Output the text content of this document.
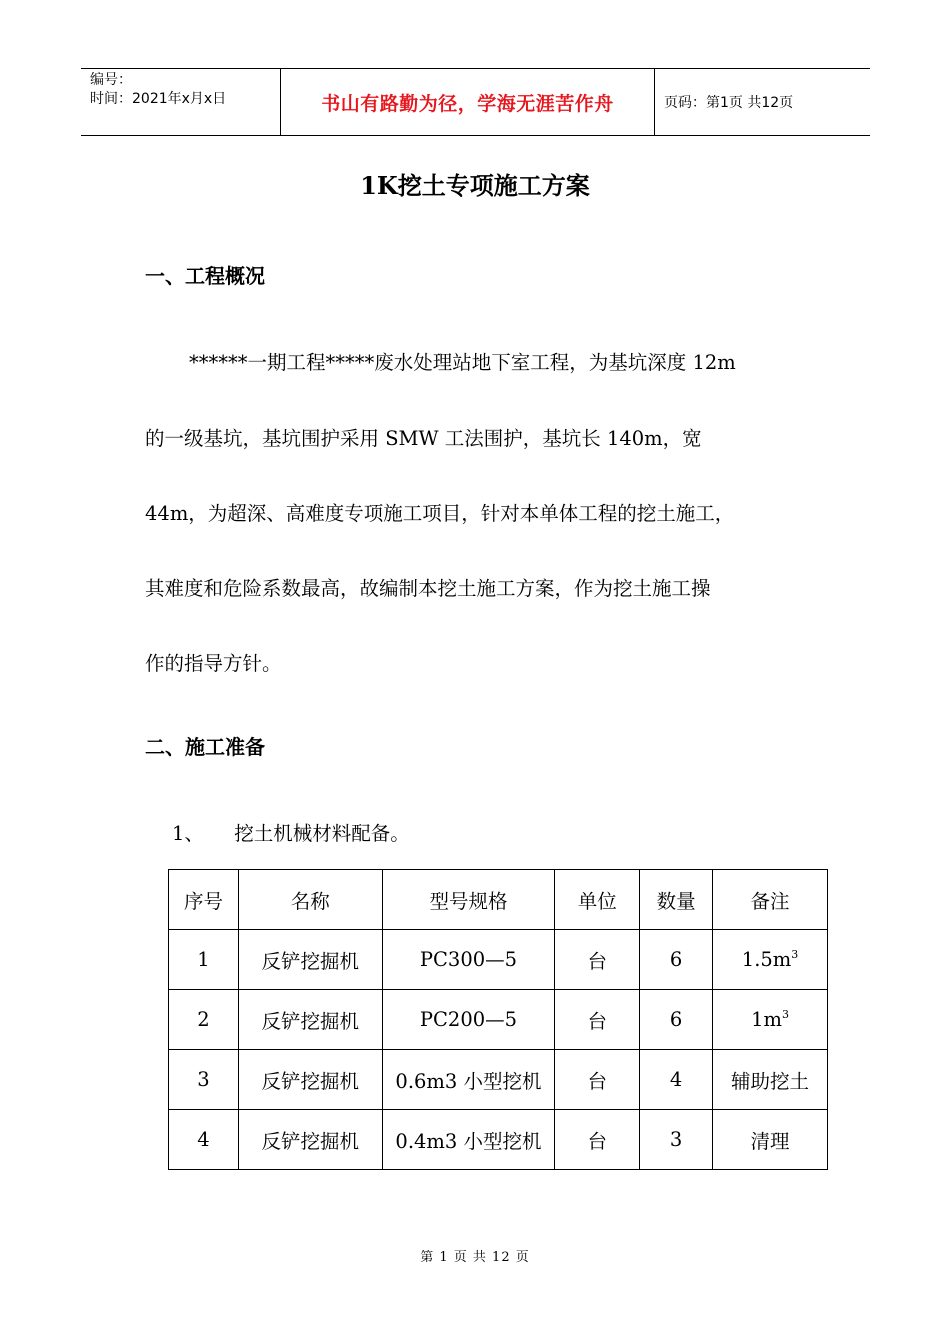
编号：
时间：2021年x月x日	书山有路勤为径，学海无涯苦作舟	页码：第1页 共12页
1K挖土专项施工方案
一、工程概况
******一期工程*****废水处理站地下室工程，为基坑深度 12m
的一级基坑，基坑围护采用 SMW 工法围护，基坑长 140m，宽
44m，为超深、高难度专项施工项目，针对本单体工程的挖土施工，
其难度和危险系数最高，故编制本挖土施工方案，作为挖土施工操
作的指导方针。
二、施工准备
1、 挖土机械材料配备。
序号	名称	型号规格	单位	数量	备注
1	反铲挖掘机	PC300—5	台	6	$1.5m^3$
2	反铲挖掘机	PC200—5	台	6	$1m^3$
3	反铲挖掘机	0.6m3 小型挖机	台	4	辅助挖土
4	反铲挖掘机	0.4m3 小型挖机	台	3	清理
第 1 页 共 12 页
